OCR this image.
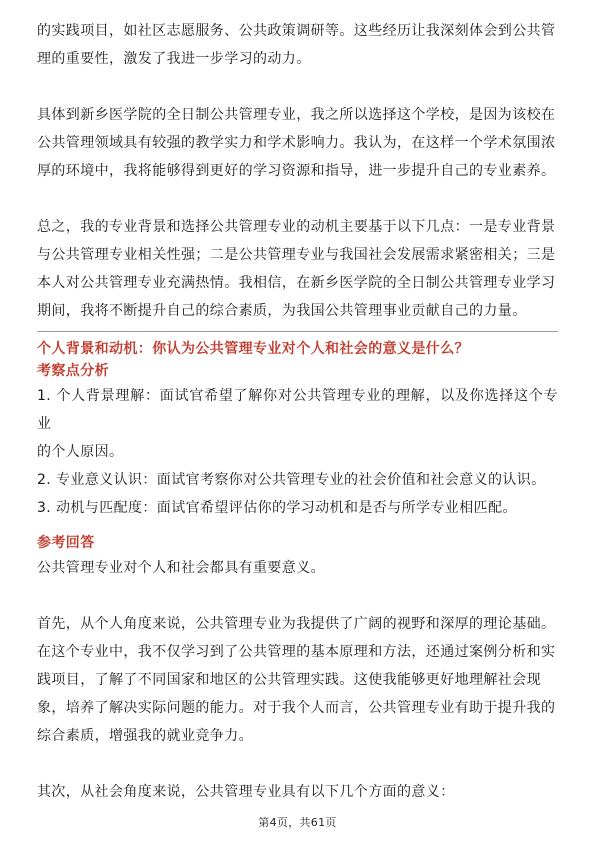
的实践项目，如社区志愿服务、公共政策调研等。这些经历让我深刻体会到公共管

理的重要性，激发了我进一步学习的动力。

具体到新乡医学院的全日制公共管理专业，我之所以选择这个学校，是因为该校在

公共管理领域具有较强的教学实力和学术影响力。我认为，在这样一个学术氛围浓

厚的环境中，我将能够得到更好的学习资源和指导，进一步提升自己的专业素养。

总之，我的专业背景和选择公共管理专业的动机主要基于以下几点：一是专业背景

与公共管理专业相关性强；二是公共管理专业与我国社会发展需求紧密相关；三是

本人对公共管理专业充满热情。我相信，在新乡医学院的全日制公共管理专业学习

期间，我将不断提升自己的综合素质，为我国公共管理事业贡献自己的力量。

个人背景和动机：你认为公共管理专业对个人和社会的意义是什么？
考察点分析

1. 个人背景理解：面试官希望了解你对公共管理专业的理解，以及你选择这个专业

的个人原因。

2. 专业意义认识：面试官考察你对公共管理专业的社会价值和社会意义的认识。

3. 动机与匹配度：面试官希望评估你的学习动机和是否与所学专业相匹配。

参考回答

公共管理专业对个人和社会都具有重要意义。

首先，从个人角度来说，公共管理专业为我提供了广阔的视野和深厚的理论基础。

在这个专业中，我不仅学习到了公共管理的基本原理和方法，还通过案例分析和实

践项目，了解了不同国家和地区的公共管理实践。这使我能够更好地理解社会现

象，培养了解决实际问题的能力。对于我个人而言，公共管理专业有助于提升我的

综合素质，增强我的就业竞争力。

其次，从社会角度来说，公共管理专业具有以下几个方面的意义：

第4页，共61页
